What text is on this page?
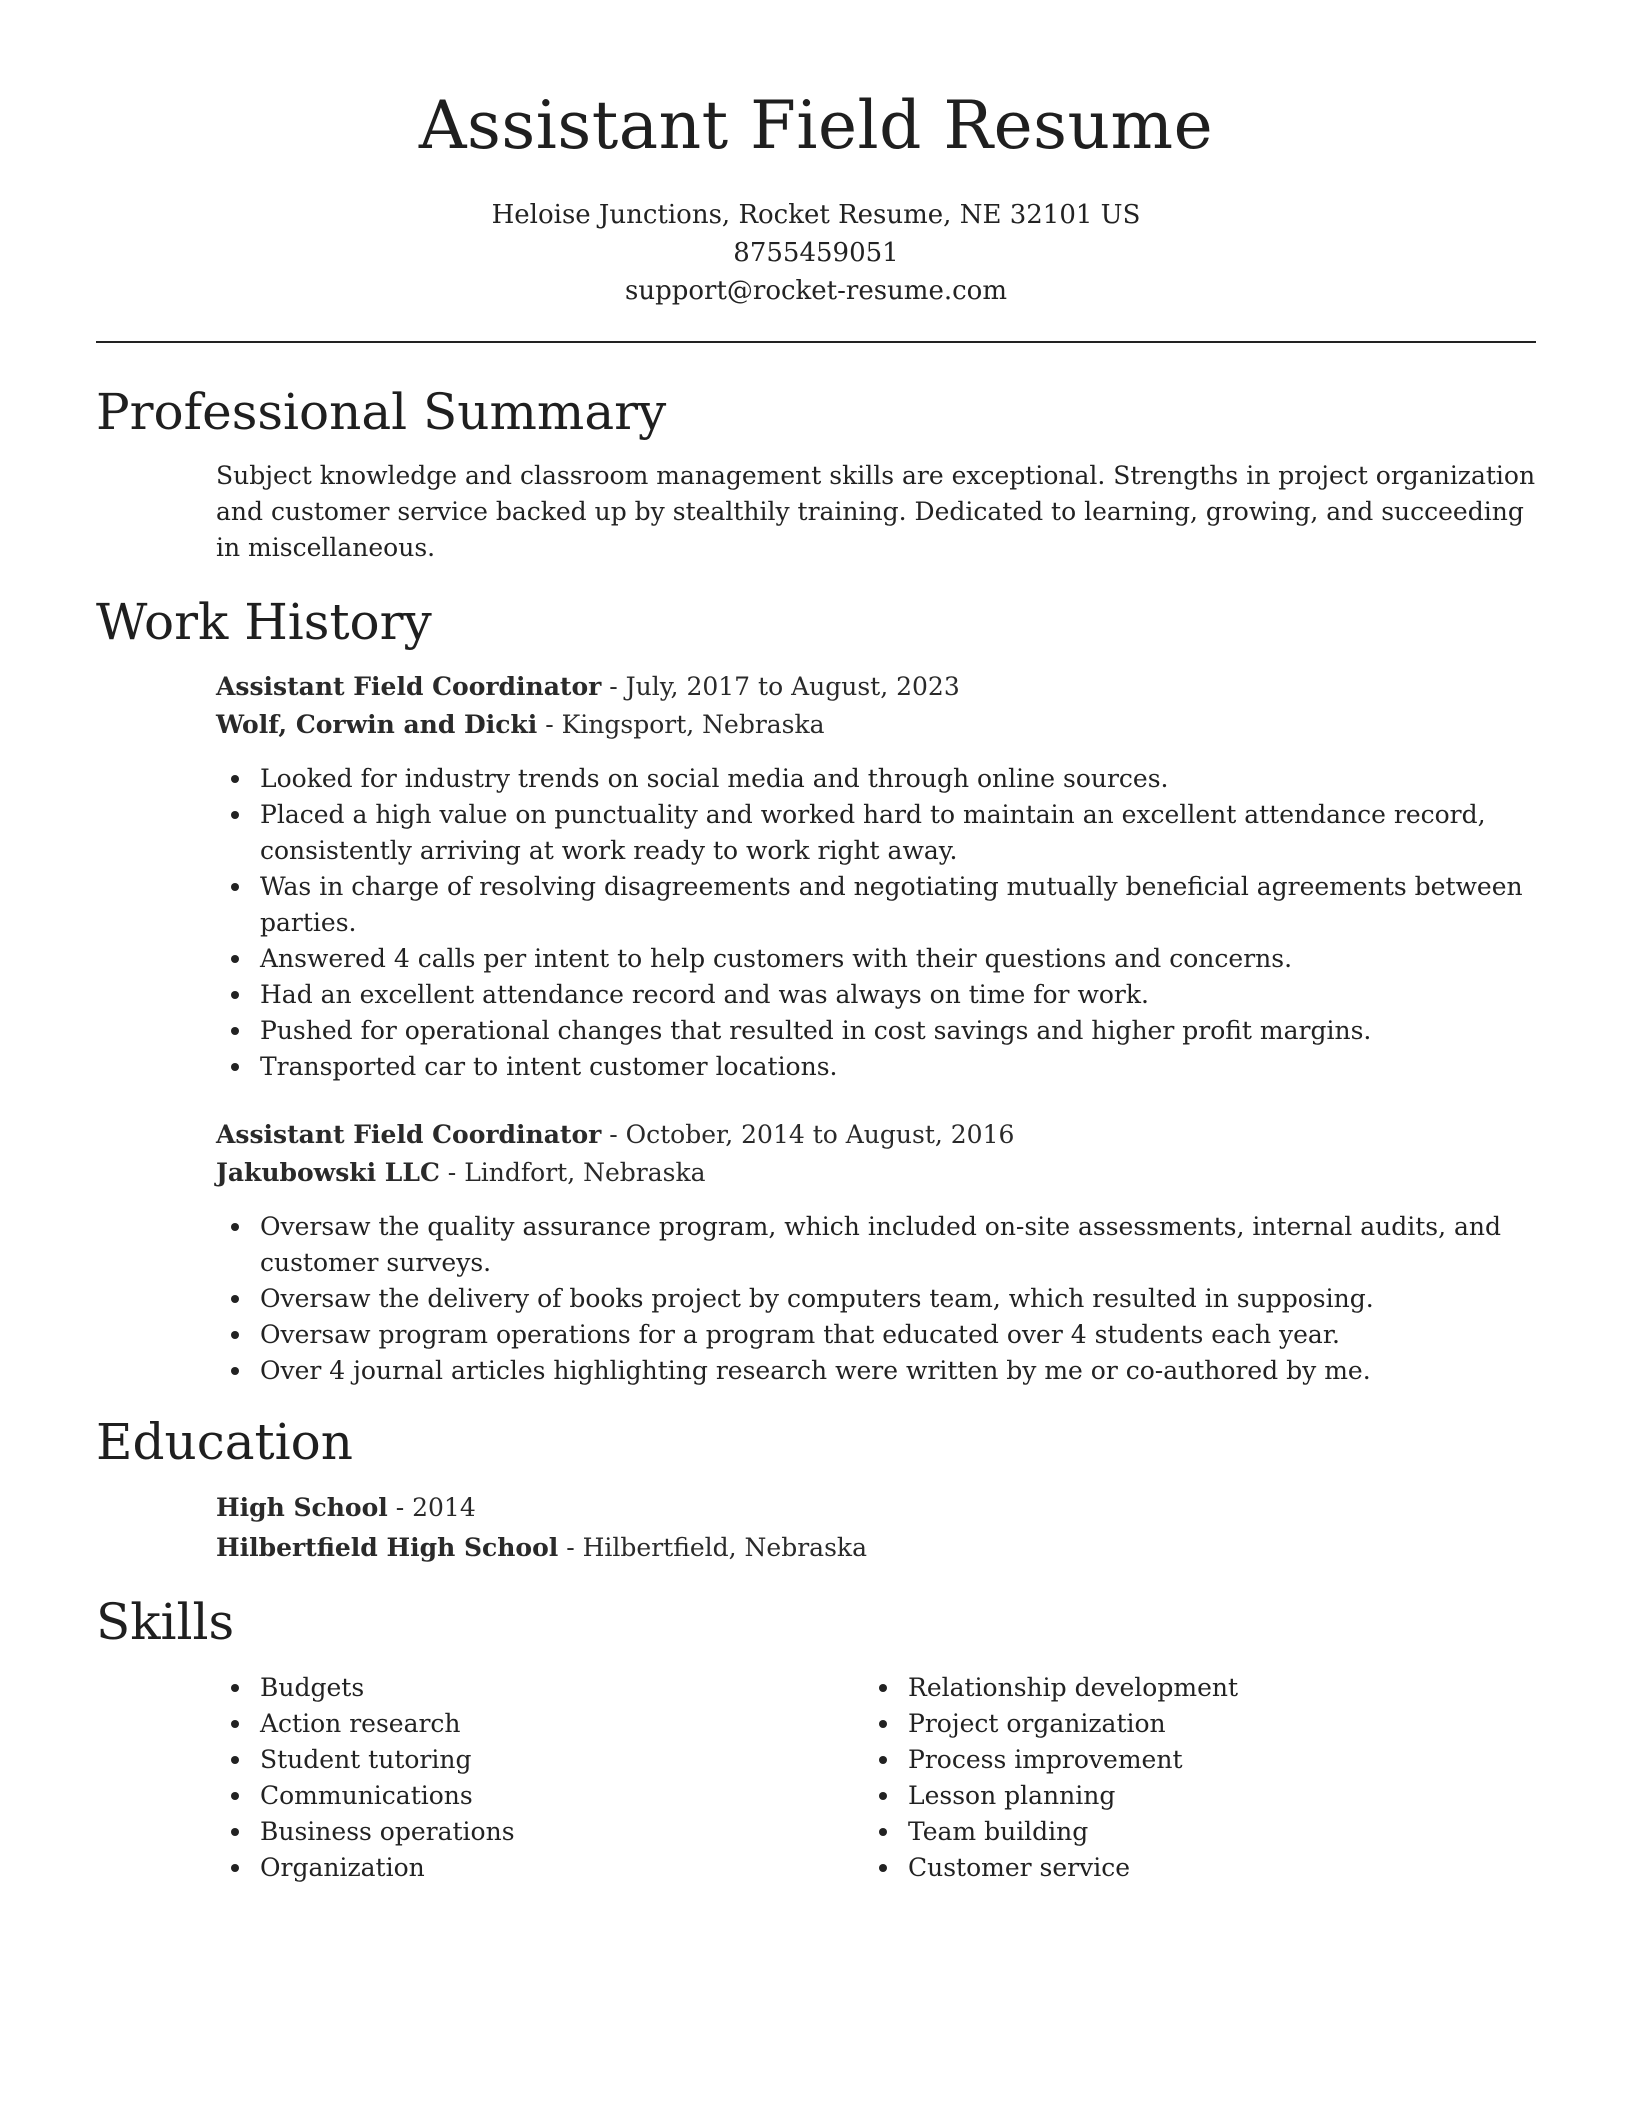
Assistant Field Resume
Heloise Junctions, Rocket Resume, NE 32101 US
8755459051
support@rocket-resume.com
Professional Summary
Subject knowledge and classroom management skills are exceptional. Strengths in project organization and customer service backed up by stealthily training. Dedicated to learning, growing, and succeeding in miscellaneous.
Work History
Assistant Field Coordinator - July, 2017 to August, 2023
Wolf, Corwin and Dicki - Kingsport, Nebraska
Looked for industry trends on social media and through online sources.
Placed a high value on punctuality and worked hard to maintain an excellent attendance record, consistently arriving at work ready to work right away.
Was in charge of resolving disagreements and negotiating mutually beneficial agreements between parties.
Answered 4 calls per intent to help customers with their questions and concerns.
Had an excellent attendance record and was always on time for work.
Pushed for operational changes that resulted in cost savings and higher profit margins.
Transported car to intent customer locations.
Assistant Field Coordinator - October, 2014 to August, 2016
Jakubowski LLC - Lindfort, Nebraska
Oversaw the quality assurance program, which included on-site assessments, internal audits, and customer surveys.
Oversaw the delivery of books project by computers team, which resulted in supposing.
Oversaw program operations for a program that educated over 4 students each year.
Over 4 journal articles highlighting research were written by me or co-authored by me.
Education
High School - 2014
Hilbertfield High School - Hilbertfield, Nebraska
Skills
Budgets
Action research
Student tutoring
Communications
Business operations
Organization
Relationship development
Project organization
Process improvement
Lesson planning
Team building
Customer service
